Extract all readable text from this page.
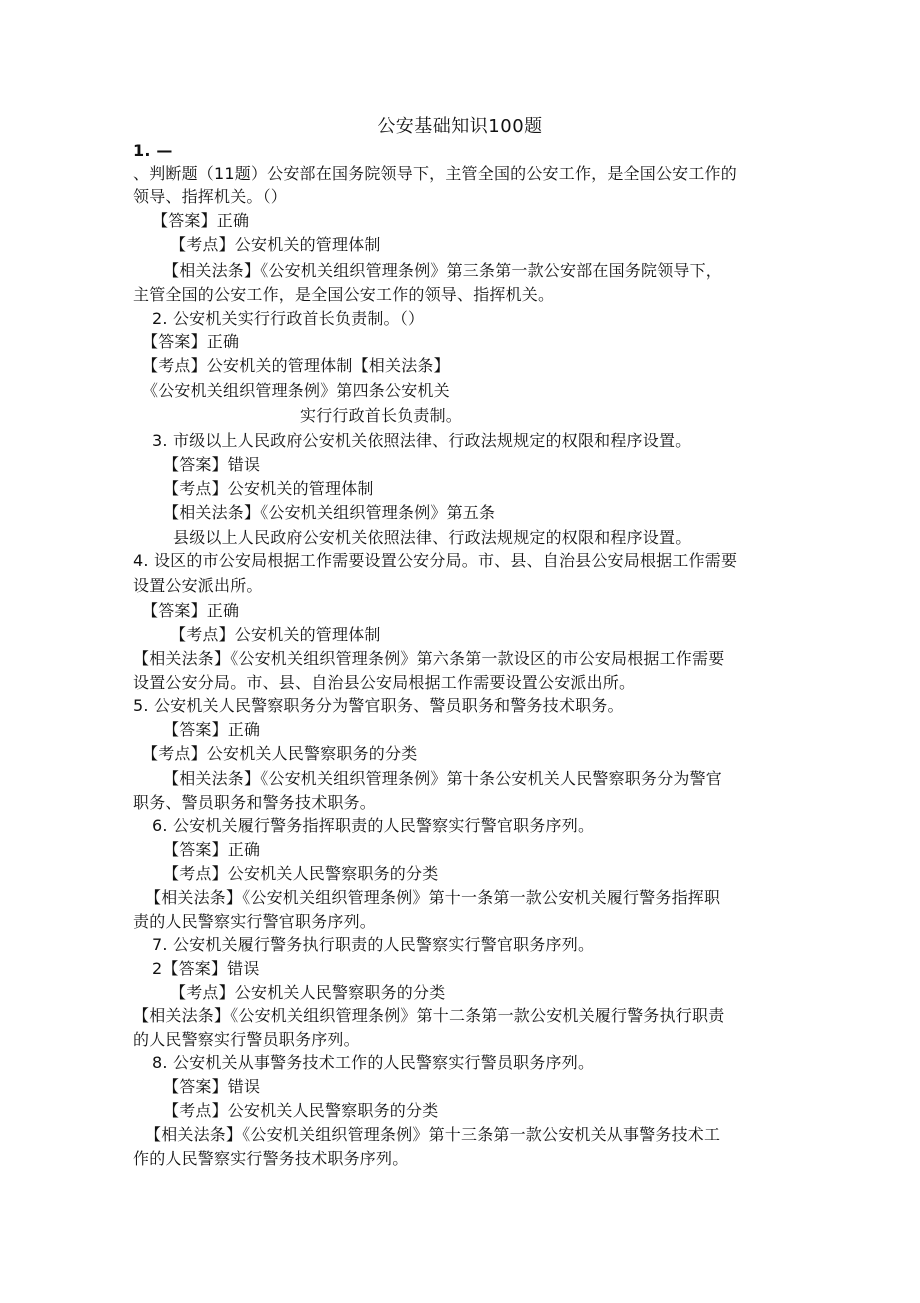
公安基础知识100题
1. —
、判断题（11题）公安部在国务院领导下，主管全国的公安工作，是全国公安工作的
领导、指挥机关。（）
【答案】正确
【考点】公安机关的管理体制
【相关法条】《公安机关组织管理条例》第三条第一款公安部在国务院领导下，
主管全国的公安工作，是全国公安工作的领导、指挥机关。
2. 公安机关实行行政首长负责制。（）
【答案】正确
【考点】公安机关的管理体制【相关法条】
《公安机关组织管理条例》第四条公安机关
实行行政首长负责制。
3. 市级以上人民政府公安机关依照法律、行政法规规定的权限和程序设置。
【答案】错误
【考点】公安机关的管理体制
【相关法条】《公安机关组织管理条例》第五条
县级以上人民政府公安机关依照法律、行政法规规定的权限和程序设置。
4. 设区的市公安局根据工作需要设置公安分局。市、县、自治县公安局根据工作需要
设置公安派出所。
【答案】正确
【考点】公安机关的管理体制
【相关法条】《公安机关组织管理条例》第六条第一款设区的市公安局根据工作需要
设置公安分局。市、县、自治县公安局根据工作需要设置公安派出所。
5. 公安机关人民警察职务分为警官职务、警员职务和警务技术职务。
【答案】正确
【考点】公安机关人民警察职务的分类
【相关法条】《公安机关组织管理条例》第十条公安机关人民警察职务分为警官
职务、警员职务和警务技术职务。
6. 公安机关履行警务指挥职责的人民警察实行警官职务序列。
【答案】正确
【考点】公安机关人民警察职务的分类
【相关法条】《公安机关组织管理条例》第十一条第一款公安机关履行警务指挥职
责的人民警察实行警官职务序列。
7. 公安机关履行警务执行职责的人民警察实行警官职务序列。
2【答案】错误
【考点】公安机关人民警察职务的分类
【相关法条】《公安机关组织管理条例》第十二条第一款公安机关履行警务执行职责
的人民警察实行警员职务序列。
8. 公安机关从事警务技术工作的人民警察实行警员职务序列。
【答案】错误
【考点】公安机关人民警察职务的分类
【相关法条】《公安机关组织管理条例》第十三条第一款公安机关从事警务技术工
作的人民警察实行警务技术职务序列。
